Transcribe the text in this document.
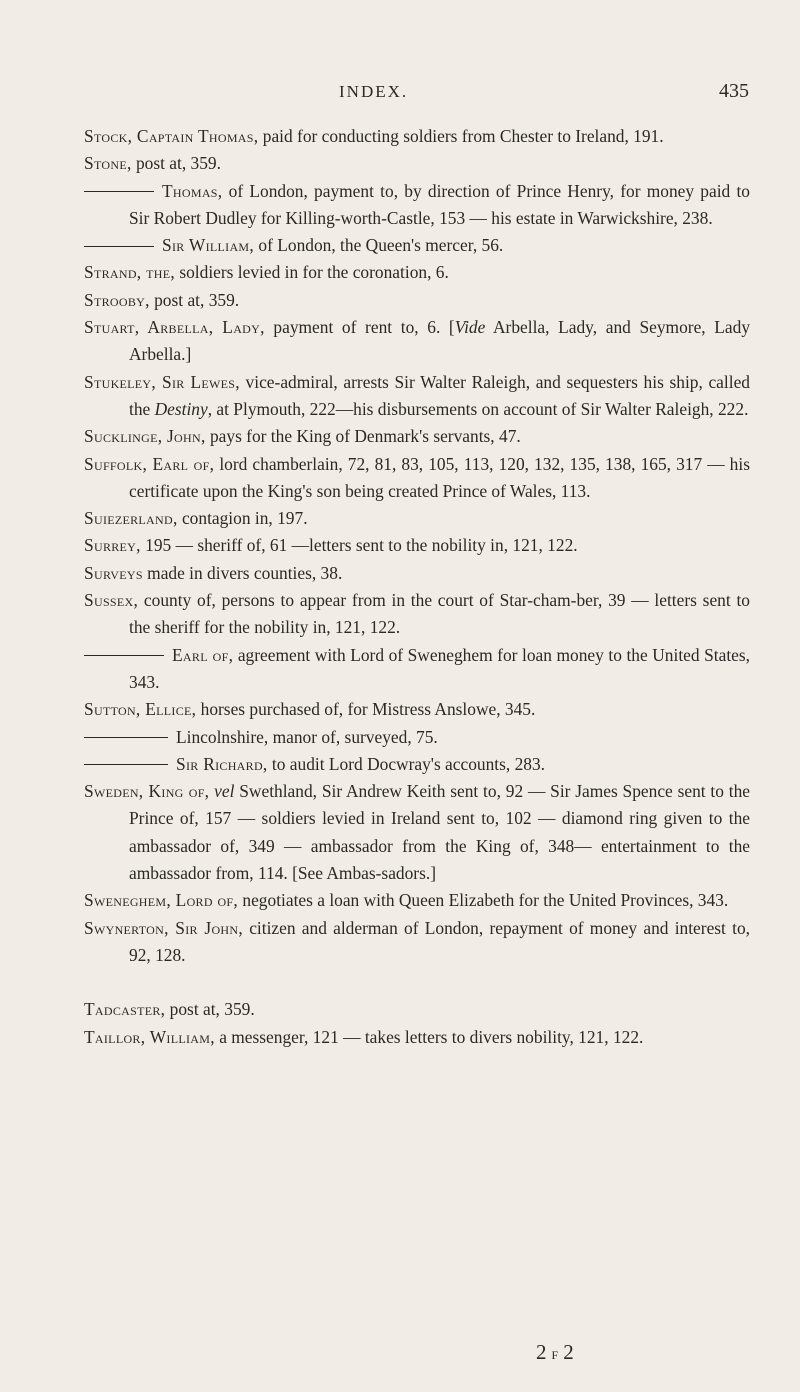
INDEX.	435

Stock, Captain Thomas, paid for conducting soldiers from Chester to Ireland, 191.

Stone, post at, 359.

Thomas, of London, payment to, by direction of Prince Henry, for money paid to Sir Robert Dudley for Killing-worth-Castle, 153 — his estate in Warwickshire, 238.

Sir William, of London, the Queen's mercer, 56.

Strand, the, soldiers levied in for the coronation, 6.

Strooby, post at, 359.

Stuart, Arbella, Lady, payment of rent to, 6. [Vide Arbella, Lady, and Seymore, Lady Arbella.]

Stukeley, Sir Lewes, vice-admiral, arrests Sir Walter Raleigh, and sequesters his ship, called the Destiny, at Plymouth, 222—his disbursements on account of Sir Walter Raleigh, 222.

Sucklinge, John, pays for the King of Denmark's servants, 47.

Suffolk, Earl of, lord chamberlain, 72, 81, 83, 105, 113, 120, 132, 135, 138, 165, 317 — his certificate upon the King's son being created Prince of Wales, 113.

Suiezerland, contagion in, 197.

Surrey, 195 — sheriff of, 61 —letters sent to the nobility in, 121, 122.

Surveys made in divers counties, 38.

Sussex, county of, persons to appear from in the court of Star-cham-ber, 39 — letters sent to the sheriff for the nobility in, 121, 122.

Earl of, agreement with Lord of Sweneghem for loan money to the United States, 343.

Sutton, Ellice, horses purchased of, for Mistress Anslowe, 345.

Lincolnshire, manor of, surveyed, 75.

Sir Richard, to audit Lord Docwray's accounts, 283.

Sweden, King of, vel Swethland, Sir Andrew Keith sent to, 92 — Sir James Spence sent to the Prince of, 157 — soldiers levied in Ireland sent to, 102 — diamond ring given to the ambassador of, 349 — ambassador from the King of, 348— entertainment to the ambassador from, 114. [See Ambas-sadors.]

Sweneghem, Lord of, negotiates a loan with Queen Elizabeth for the United Provinces, 343.

Swynerton, Sir John, citizen and alderman of London, repayment of money and interest to, 92, 128.

Tadcaster, post at, 359.

Taillor, William, a messenger, 121 — takes letters to divers nobility, 121, 122.

2 f 2
